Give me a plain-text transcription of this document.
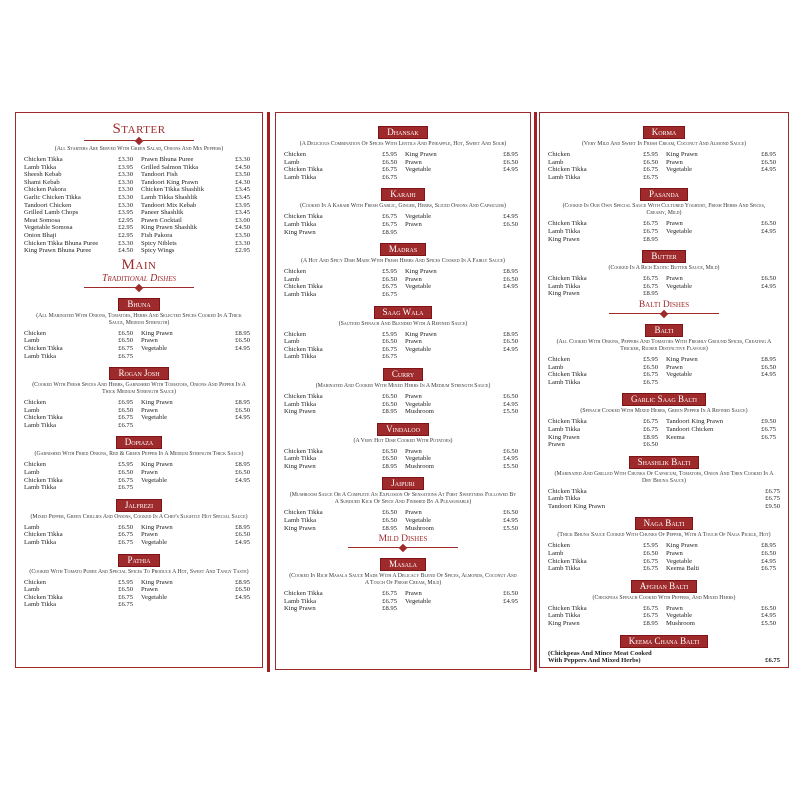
Starter
(All Starters Are Served With Green Salad, Onions And Mix Peppers)
Chicken Tikka	£3.30	Prawn Bhuna Puree	£3.30
Lamb Tikka	£3.95	Grilled Salmon Tikka	£4.50
Sheesh Kebab	£3.30	Tandoori Fish	£3.50
Shami Kebab	£3.30	Tandoori King Prawn	£4.30
Chicken Pakora	£3.30	Chicken Tikka Shashlik	£3.45
Garlic Chicken Tikka	£3.30	Lamb Tikka Shashlik	£3.45
Tandoori Chicken	£3.30	Tandoori Mix Kebab	£3.95
Grilled Lamb Chops	£3.95	Paneer Shashlik	£3.45
Meat Somosa	£2.95	Prawn Cocktail	£3.00
Vegetable Somosa	£2.95	King Prawn Shashlik	£4.50
Onion Bhaji	£2.95	Fish Pakora	£3.50
Chicken Tikka Bhuna Puree	£3.30	Spicy Niblets	£3.30
King Prawn Bhuna Puree	£4.50	Spicy Wings	£2.95
Main
Traditional Dishes
Bhuna
(All Marinated With Onions, Tomatoes, Herbs And Selected Spices Cooked In A Thick Sauce, Medium Strength)
Chicken	£6.50	King Prawn	£8.95
Lamb	£6.50	Prawn	£6.50
Chicken Tikka	£6.75	Vegetable	£4.95
Lamb Tikka	£6.75
Rogan Josh
(Cooked With Fresh Spices And Herbs, Garnished With Tomatoes, Onions And Pepper In A Thick Medium Strength Sauce)
Chicken	£6.95	King Prawn	£8.95
Lamb	£6.50	Prawn	£6.50
Chicken Tikka	£6.75	Vegetable	£4.95
Lamb Tikka	£6.75
Dopiaza
(Garnished With Fried Onions, Red & Green Pepper In A Medium Strength Thick Sauce)
Chicken	£5.95	King Prawn	£8.95
Lamb	£6.50	Prawn	£6.50
Chicken Tikka	£6.75	Vegetable	£4.95
Lamb Tikka	£6.75
Jalfrezi
(Mixed Pepper, Green Chillies And Onions, Cooked In A Chef's Slightly Hot Special Sauce)
Lamb	£6.50	King Prawn	£8.95
Chicken Tikka	£6.75	Prawn	£6.50
Lamb Tikka	£6.75	Vegetable	£4.95
Pathia
(Cooked With Tomato Puree And Special Spices To Produce A Hot, Sweet And Tangy Taste)
Chicken	£5.95	King Prawn	£8.95
Lamb	£6.50	Prawn	£6.50
Chicken Tikka	£6.75	Vegetable	£4.95
Lamb Tikka	£6.75
Dhansak
(A Delicious Combination Of Spices With Lentils And Pineapple, Hot, Sweet And Sour)
Chicken	£5.95	King Prawn	£8.95
Lamb	£6.50	Prawn	£6.50
Chicken Tikka	£6.75	Vegetable	£4.95
Lamb Tikka	£6.75
Karahi
(Cooked In A Karahi With Fresh Garlic, Ginger, Herbs, Sliced Onions And Capsicums)
Chicken Tikka	£6.75	Vegetable	£4.95
Lamb Tikka	£6.75	Prawn	£6.50
King Prawn	£8.95
Madras
(A Hot And Spicy Dish Made With Fresh Herbs And Spices Cooked In A Fairly Sauce)
Chicken	£5.95	King Prawn	£8.95
Lamb	£6.50	Prawn	£6.50
Chicken Tikka	£6.75	Vegetable	£4.95
Lamb Tikka	£6.75
Saag Wala
(Sauteed Spinach And Blended With A Refined Sauce)
Chicken	£5.95	King Prawn	£8.95
Lamb	£6.50	Prawn	£6.50
Chicken Tikka	£6.75	Vegetable	£4.95
Lamb Tikka	£6.75
Curry
(Marinated And Cooked With Mixed Herbs In A Medium Strength Sauce)
Chicken Tikka	£6.50	Prawn	£6.50
Lamb Tikka	£6.50	Vegetable	£4.95
King Prawn	£8.95	Mushroom	£5.50
Vindaloo
(A Very Hot Dish Cooked With Potatoes)
Chicken Tikka	£6.50	Prawn	£6.50
Lamb Tikka	£6.50	Vegetable	£4.95
King Prawn	£8.95	Mushroom	£5.50
Jaipuri
(Mushroom Sauce Or A Complete An Explosion Of Sensations At First Sweetness Followed By A Subdued Kick Of Spice And Finished By A Pleasurable)
Chicken Tikka	£6.50	Prawn	£6.50
Lamb Tikka	£6.50	Vegetable	£4.95
King Prawn	£8.95	Mushroom	£5.50
Mild Dishes
Masala
(Cooked In Rich Masala Sauce Made With A Delicacy Blend Of Spices, Almonds, Coconut And A Touch Of Fresh Cream, Mild)
Chicken Tikka	£6.75	Prawn	£6.50
Lamb Tikka	£6.75	Vegetable	£4.95
King Prawn	£8.95
Korma
(Very Mild And Sweet In Fresh Cream, Coconut And Almond Sauce)
Chicken	£5.95	King Prawn	£8.95
Lamb	£6.50	Prawn	£6.50
Chicken Tikka	£6.75	Vegetable	£4.95
Lamb Tikka	£6.75
Pasanda
(Cooked In Our Own Special Sauce With Cultured Yoghurt, Fresh Herbs And Spices, Creamy, Mild)
Chicken Tikka	£6.75	Prawn	£6.50
Lamb Tikka	£6.75	Vegetable	£4.95
King Prawn	£8.95
Butter
(Cooked In A Rich Exotic Butter Sauce, Mild)
Chicken Tikka	£6.75	Prawn	£6.50
Lamb Tikka	£6.75	Vegetable	£4.95
King Prawn	£8.95
Balti Dishes
Balti
(All Cooked With Onions, Peppers And Tomatoes With Freshly Ground Spices, Creating A Thicker, Richer Distinctive Flavour)
Chicken	£5.95	King Prawn	£8.95
Lamb	£6.50	Prawn	£6.50
Chicken Tikka	£6.75	Vegetable	£4.95
Lamb Tikka	£6.75
Garlic Saag Balti
(Spinach Cooked With Mixed Herbs, Green Pepper In A Refined Sauce)
Chicken Tikka	£6.75	Tandoori King Prawn	£9.50
Lamb Tikka	£6.75	Tandoori Chicken	£6.75
King Prawn	£8.95	Keema	£6.75
Prawn	£6.50
Shashlik Balti
(Marinated And Grilled With Chunks Of Capsicum, Tomatoes, Onion And Then Cooked In A Dry Bhuna Sauce)
Chicken Tikka	£6.75
Lamb Tikka	£6.75
Tandoori King Prawn	£9.50
Naga Balti
(Thick Bhuna Sauce Cooked With Chunks Of Pepper, With A Touch Of Naga Pickle, Hot)
Chicken	£5.95	King Prawn	£8.95
Lamb	£6.50	Prawn	£6.50
Chicken Tikka	£6.75	Vegetable	£4.95
Lamb Tikka	£6.75	Keema Balti	£6.75
Afghan Balti
(Chickpeas Spinach Cooked With Peppers, And Mixed Herbs)
Chicken Tikka	£6.75	Prawn	£6.50
Lamb Tikka	£6.75	Vegetable	£4.95
King Prawn	£8.95	Mushroom	£5.50
Keema Chana Balti
(Chickpeas And Mince Meat Cooked
With Peppers And Mixed Herbs)	£6.75
